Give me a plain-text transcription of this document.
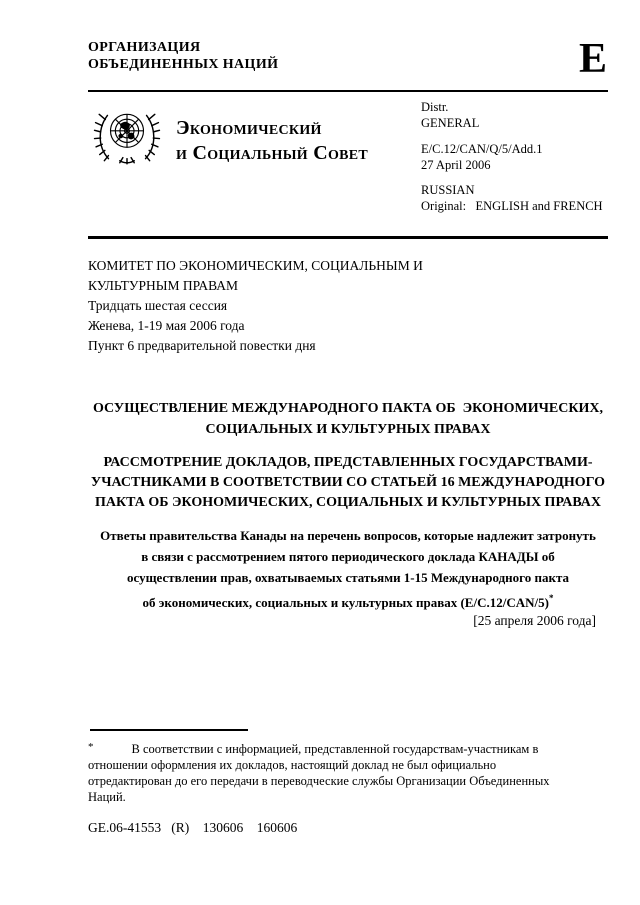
ОРГАНИЗАЦИЯ
ОБЪЕДИНЕННЫХ НАЦИЙ	E
Экономический
и Социальный Совет
Distr.
GENERAL
E/C.12/CAN/Q/5/Add.1
27 April 2006
RUSSIAN
Original:   ENGLISH and FRENCH
КОМИТЕТ ПО ЭКОНОМИЧЕСКИМ, СОЦИАЛЬНЫМ И
КУЛЬТУРНЫМ ПРАВАМ
Тридцать шестая сессия
Женева, 1-19 мая 2006 года
Пункт 6 предварительной повестки дня
ОСУЩЕСТВЛЕНИЕ МЕЖДУНАРОДНОГО ПАКТА ОБ  ЭКОНОМИЧЕСКИХ,
СОЦИАЛЬНЫХ И КУЛЬТУРНЫХ ПРАВАХ
РАССМОТРЕНИЕ ДОКЛАДОВ, ПРЕДСТАВЛЕННЫХ ГОСУДАРСТВАМИ-
УЧАСТНИКАМИ В СООТВЕТСТВИИ СО СТАТЬЕЙ 16 МЕЖДУНАРОДНОГО
ПАКТА ОБ ЭКОНОМИЧЕСКИХ, СОЦИАЛЬНЫХ И КУЛЬТУРНЫХ ПРАВАХ
Ответы правительства Канады на перечень вопросов, которые надлежит затронуть
в связи с рассмотрением пятого периодического доклада КАНАДЫ об
осуществлении прав, охватываемых статьями 1-15 Международного пакта
об экономических, социальных и культурных правах (E/C.12/CAN/5)*
[25 апреля 2006 года]
*	В соответствии с информацией, представленной государствам-участникам в
отношении оформления их докладов, настоящий доклад не был официально
отредактирован до его передачи в переводческие службы Организации Объединенных
Наций.
GE.06-41553   (R)    130606    160606
